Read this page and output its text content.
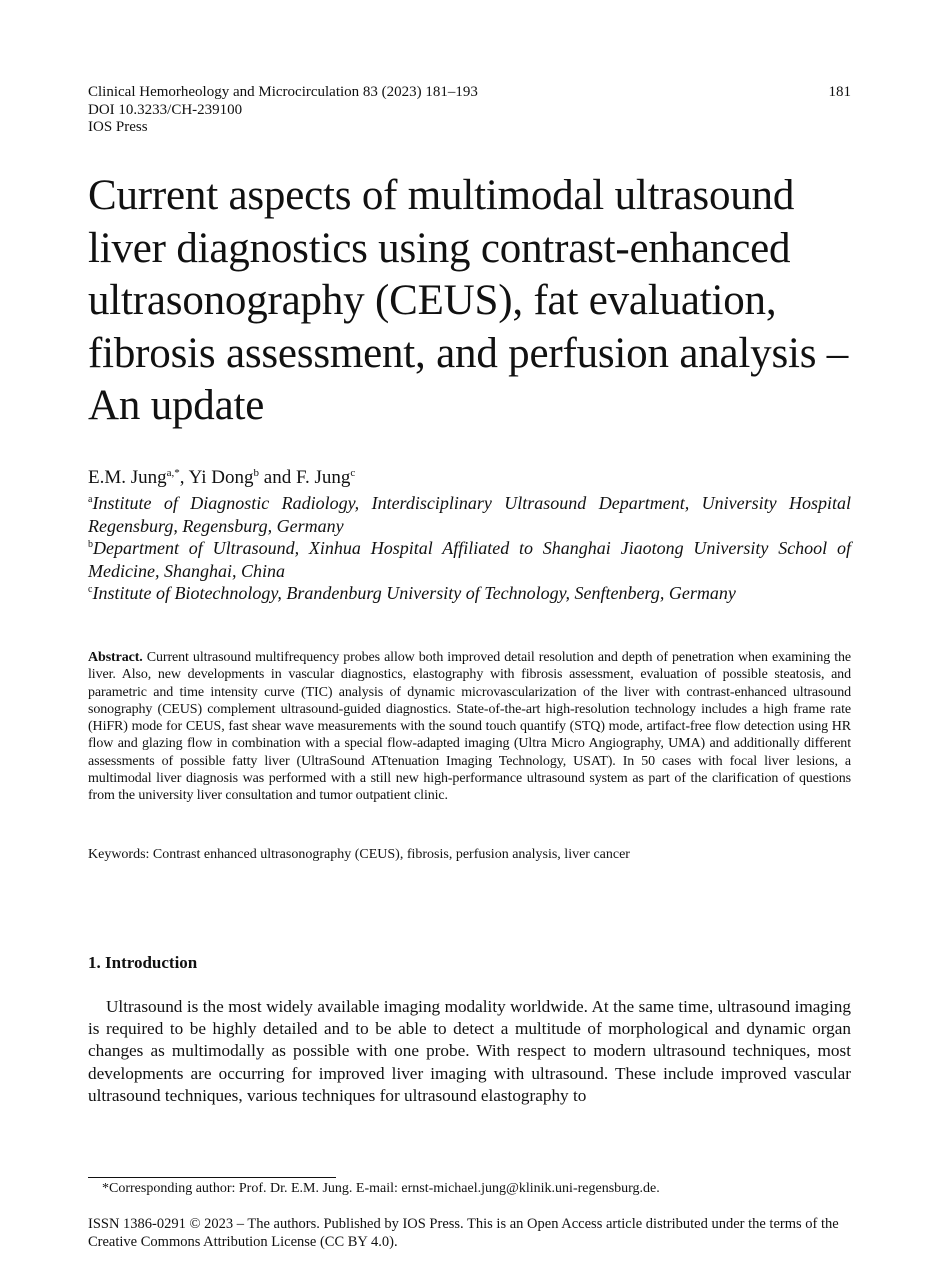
Clinical Hemorheology and Microcirculation 83 (2023) 181–193
DOI 10.3233/CH-239100
IOS Press
181
Current aspects of multimodal ultrasound liver diagnostics using contrast-enhanced ultrasonography (CEUS), fat evaluation, fibrosis assessment, and perfusion analysis – An update
E.M. Jung$^{a,*}$, Yi Dong$^b$ and F. Jung$^c$

$^a$Institute of Diagnostic Radiology, Interdisciplinary Ultrasound Department, University Hospital Regensburg, Regensburg, Germany

$^b$Department of Ultrasound, Xinhua Hospital Affiliated to Shanghai Jiaotong University School of Medicine, Shanghai, China

$^c$Institute of Biotechnology, Brandenburg University of Technology, Senftenberg, Germany

Abstract. Current ultrasound multifrequency probes allow both improved detail resolution and depth of penetration when examining the liver. Also, new developments in vascular diagnostics, elastography with fibrosis assessment, evaluation of possible steatosis, and parametric and time intensity curve (TIC) analysis of dynamic microvascularization of the liver with contrast-enhanced ultrasound sonography (CEUS) complement ultrasound-guided diagnostics. State-of-the-art high-resolution technology includes a high frame rate (HiFR) mode for CEUS, fast shear wave measurements with the sound touch quantify (STQ) mode, artifact-free flow detection using HR flow and glazing flow in combination with a special flow-adapted imaging (Ultra Micro Angiography, UMA) and additionally different assessments of possible fatty liver (UltraSound ATtenuation Imaging Technology, USAT). In 50 cases with focal liver lesions, a multimodal liver diagnosis was performed with a still new high-performance ultrasound system as part of the clarification of questions from the university liver consultation and tumor outpatient clinic.

Keywords: Contrast enhanced ultrasonography (CEUS), fibrosis, perfusion analysis, liver cancer

1. Introduction

Ultrasound is the most widely available imaging modality worldwide. At the same time, ultrasound imaging is required to be highly detailed and to be able to detect a multitude of morphological and dynamic organ changes as multimodally as possible with one probe. With respect to modern ultrasound techniques, most developments are occurring for improved liver imaging with ultrasound. These include improved vascular ultrasound techniques, various techniques for ultrasound elastography to

*Corresponding author: Prof. Dr. E.M. Jung. E-mail: ernst-michael.jung@klinik.uni-regensburg.de.

ISSN 1386-0291 © 2023 – The authors. Published by IOS Press. This is an Open Access article distributed under the terms of the Creative Commons Attribution License (CC BY 4.0).
